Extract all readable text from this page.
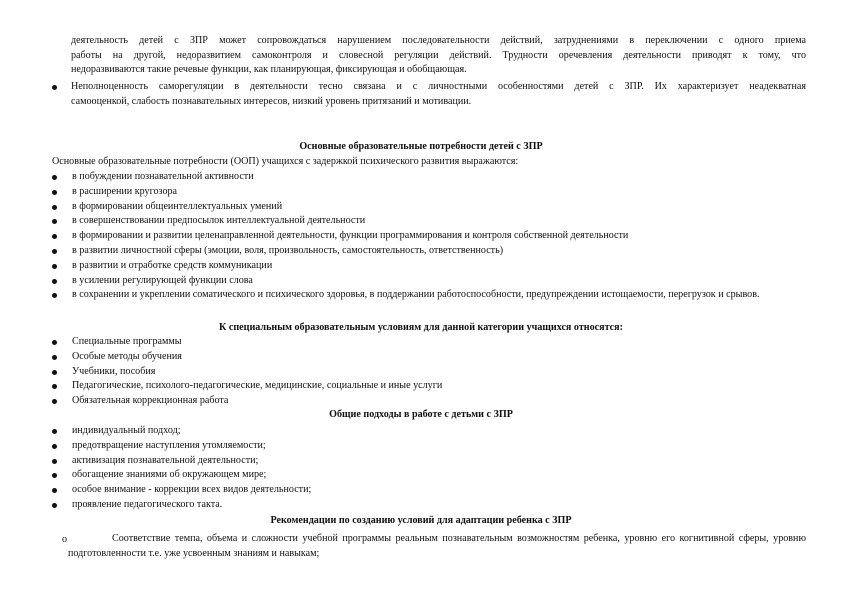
деятельность детей с ЗПР может сопровождаться нарушением последовательности действий, затруднениями в переключении с одного приема
работы на другой, недоразвитием самоконтроля и словесной регуляции действий. Трудности оречевления деятельности приводят к тому, что
недоразвиваются такие речевые функции, как планирующая, фиксирующая и обобщающая.
Неполноценность саморегуляции в деятельности тесно связана и с личностными особенностями детей с ЗПР. Их характеризует неадекватная
самооценкой, слабость познавательных интересов, низкий уровень притязаний и мотивации.
Основные образовательные потребности детей с ЗПР

Основные образовательные потребности (ООП) учащихся с задержкой психического развития выражаются:

в побуждении познавательной активности
в расширении кругозора
в формировании общеинтеллектуальных умений
в совершенствовании предпосылок интеллектуальной деятельности
в формировании и развитии целенаправленной деятельности, функции программирования и контроля собственной деятельности
в развитии личностной сферы (эмоции, воля, произвольность, самостоятельность, ответственность)
в развитии и отработке средств коммуникации
в усилении регулирующей функции слова
в сохранении и укреплении соматического и психического здоровья, в поддержании работоспособности, предупреждении истощаемости, перегрузок и срывов.
К специальным образовательным условиям для данной категории учащихся относятся:
Специальные программы
Особые методы обучения
Учебники, пособия
Педагогические, психолого-педагогические, медицинские, социальные и иные услуги
Обязательная коррекционная работа
Общие подходы в работе с детьми с ЗПР
индивидуальный подход;
предотвращение наступления утомляемости;
активизация познавательной деятельности;
обогащение знаниями об окружающем мире;
особое внимание - коррекции всех видов деятельности;
проявление педагогического такта.
Рекомендации по созданию условий для адаптации ребенка с ЗПР
o	Соответствие темпа, объема и сложности учебной программы реальным познавательным возможностям ребенка, уровню его когнитивной сферы, уровню подготовленности т.е. уже усвоенным знаниям и навыкам;
